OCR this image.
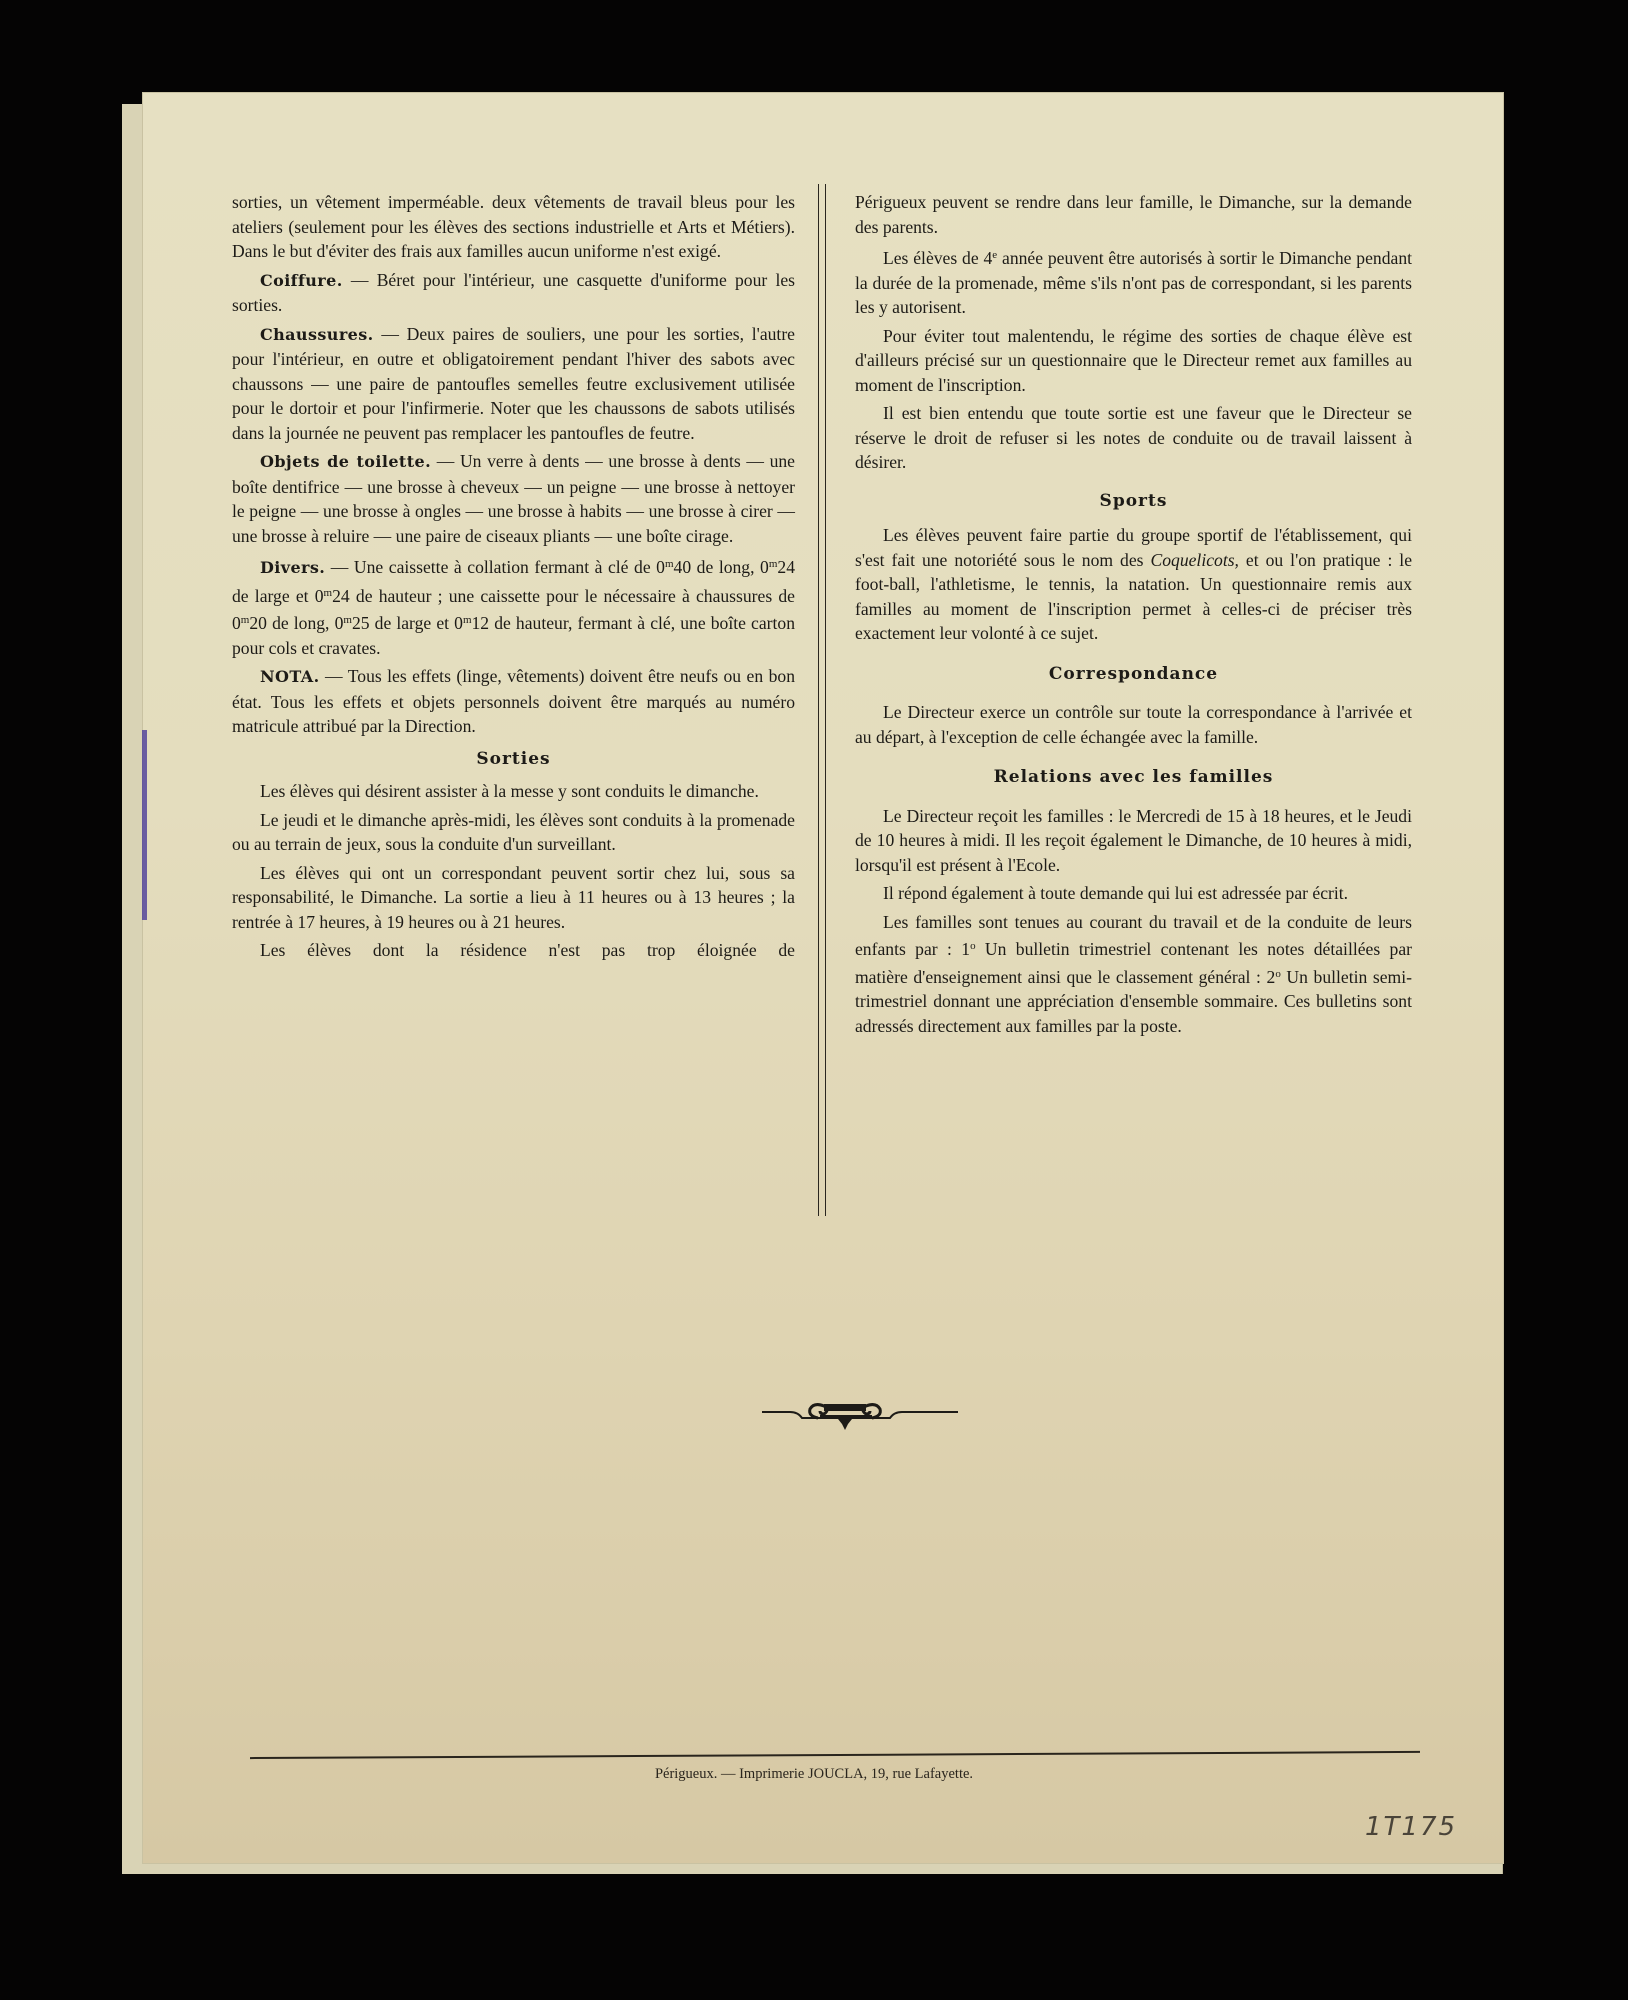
sorties, un vêtement imperméable. deux vêtements de travail bleus pour les ateliers (seulement pour les élèves des sections industrielle et Arts et Métiers). Dans le but d'éviter des frais aux familles aucun uniforme n'est exigé.

Coiffure. — Béret pour l'intérieur, une casquette d'uniforme pour les sorties.

Chaussures. — Deux paires de souliers, une pour les sorties, l'autre pour l'intérieur, en outre et obligatoirement pendant l'hiver des sabots avec chaussons — une paire de pantoufles semelles feutre exclusivement utilisée pour le dortoir et pour l'infirmerie. Noter que les chaussons de sabots utilisés dans la journée ne peuvent pas remplacer les pantoufles de feutre.

Objets de toilette. — Un verre à dents — une brosse à dents — une boîte dentifrice — une brosse à cheveux — un peigne — une brosse à nettoyer le peigne — une brosse à ongles — une brosse à habits — une brosse à cirer — une brosse à reluire — une paire de ciseaux pliants — une boîte cirage.

Divers. — Une caissette à collation fermant à clé de 0$^m$40 de long, 0$^m$24 de large et 0$^m$24 de hauteur ; une caissette pour le nécessaire à chaussures de 0$^m$20 de long, 0$^m$25 de large et 0$^m$12 de hauteur, fermant à clé, une boîte carton pour cols et cravates.

NOTA. — Tous les effets (linge, vêtements) doivent être neufs ou en bon état. Tous les effets et objets personnels doivent être marqués au numéro matricule attribué par la Direction.

Sorties

Les élèves qui désirent assister à la messe y sont conduits le dimanche.

Le jeudi et le dimanche après-midi, les élèves sont conduits à la promenade ou au terrain de jeux, sous la conduite d'un surveillant.

Les élèves qui ont un correspondant peuvent sortir chez lui, sous sa responsabilité, le Dimanche. La sortie a lieu à 11 heures ou à 13 heures ; la rentrée à 17 heures, à 19 heures ou à 21 heures.

Les élèves dont la résidence n'est pas trop éloignée de

Périgueux peuvent se rendre dans leur famille, le Dimanche, sur la demande des parents.

Les élèves de 4e année peuvent être autorisés à sortir le Dimanche pendant la durée de la promenade, même s'ils n'ont pas de correspondant, si les parents les y autorisent.

Pour éviter tout malentendu, le régime des sorties de chaque élève est d'ailleurs précisé sur un questionnaire que le Directeur remet aux familles au moment de l'inscription.

Il est bien entendu que toute sortie est une faveur que le Directeur se réserve le droit de refuser si les notes de conduite ou de travail laissent à désirer.

Sports

Les élèves peuvent faire partie du groupe sportif de l'établissement, qui s'est fait une notoriété sous le nom des Coquelicots, et ou l'on pratique : le foot-ball, l'athletisme, le tennis, la natation. Un questionnaire remis aux familles au moment de l'inscription permet à celles-ci de préciser très exactement leur volonté à ce sujet.

Correspondance

Le Directeur exerce un contrôle sur toute la correspondance à l'arrivée et au départ, à l'exception de celle échangée avec la famille.

Relations avec les familles

Le Directeur reçoit les familles : le Mercredi de 15 à 18 heures, et le Jeudi de 10 heures à midi. Il les reçoit également le Dimanche, de 10 heures à midi, lorsqu'il est présent à l'Ecole.

Il répond également à toute demande qui lui est adressée par écrit.

Les familles sont tenues au courant du travail et de la conduite de leurs enfants par : 1$^o$ Un bulletin trimestriel contenant les notes détaillées par matière d'enseignement ainsi que le classement général : 2$^o$ Un bulletin semi-trimestriel donnant une appréciation d'ensemble sommaire. Ces bulletins sont adressés directement aux familles par la poste.

Périgueux. — Imprimerie JOUCLA, 19, rue Lafayette.
1T175
